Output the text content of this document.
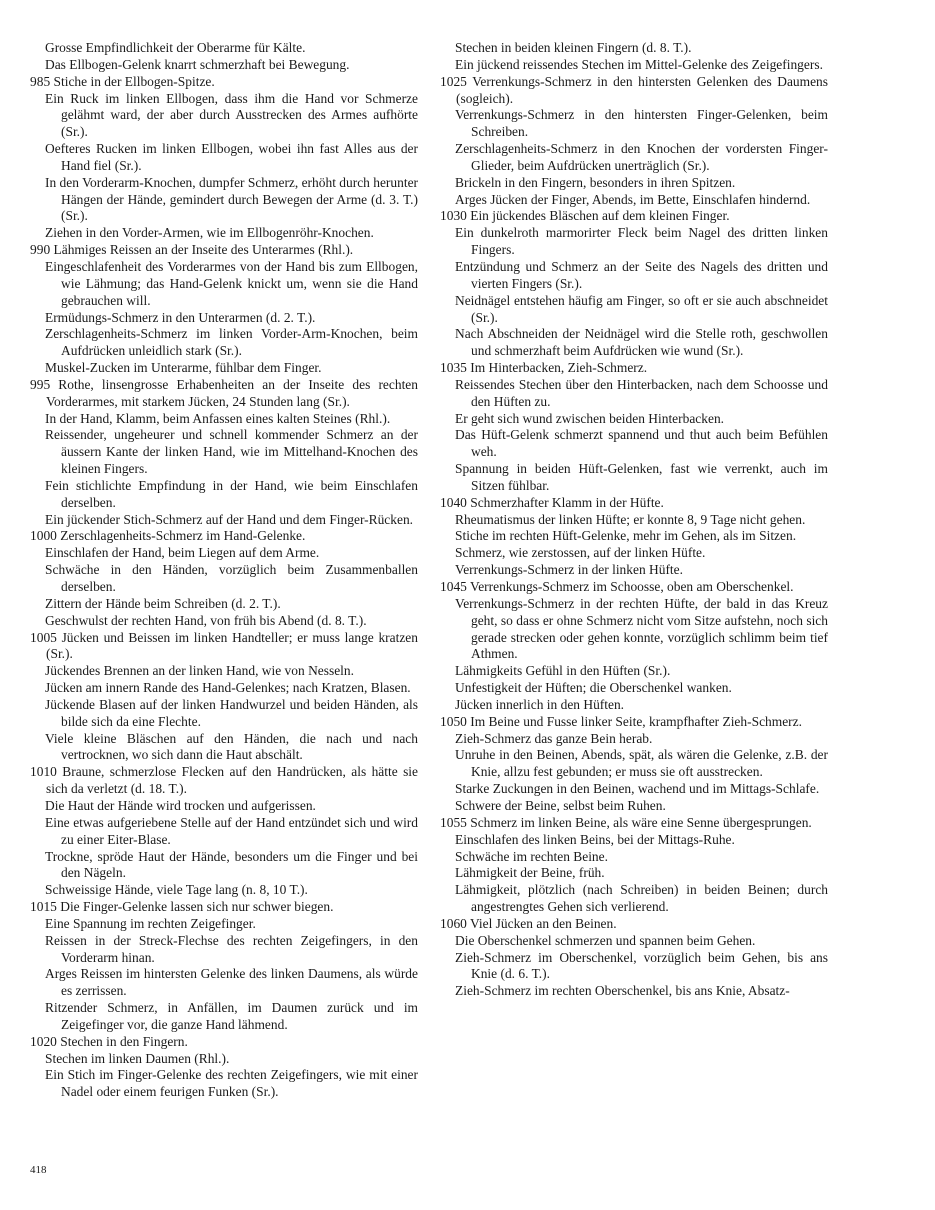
Grosse Empfindlichkeit der Oberarme für Kälte.

Das Ellbogen-Gelenk knarrt schmerzhaft bei Bewegung.

985 Stiche in der Ellbogen-Spitze.

Ein Ruck im linken Ellbogen, dass ihm die Hand vor Schmerze gelähmt ward, der aber durch Ausstrecken des Armes aufhörte (Sr.).

Oefteres Rucken im linken Ellbogen, wobei ihn fast Alles aus der Hand fiel (Sr.).

In den Vorderarm-Knochen, dumpfer Schmerz, erhöht durch herunter Hängen der Hände, gemindert durch Bewegen der Arme (d. 3. T.) (Sr.).

Ziehen in den Vorder-Armen, wie im Ellbogenröhr-Knochen.

990 Lähmiges Reissen an der Inseite des Unterarmes (Rhl.).

Eingeschlafenheit des Vorderarmes von der Hand bis zum Ellbogen, wie Lähmung; das Hand-Gelenk knickt um, wenn sie die Hand gebrauchen will.

Ermüdungs-Schmerz in den Unterarmen (d. 2. T.).

Zerschlagenheits-Schmerz im linken Vorder-Arm-Knochen, beim Aufdrücken unleidlich stark (Sr.).

Muskel-Zucken im Unterarme, fühlbar dem Finger.

995 Rothe, linsengrosse Erhabenheiten an der Inseite des rechten Vorderarmes, mit starkem Jücken, 24 Stunden lang (Sr.).

In der Hand, Klamm, beim Anfassen eines kalten Steines (Rhl.).

Reissender, ungeheurer und schnell kommender Schmerz an der äussern Kante der linken Hand, wie im Mittelhand-Knochen des kleinen Fingers.

Fein stichlichte Empfindung in der Hand, wie beim Einschlafen derselben.

Ein jückender Stich-Schmerz auf der Hand und dem Finger-Rücken.

1000 Zerschlagenheits-Schmerz im Hand-Gelenke.

Einschlafen der Hand, beim Liegen auf dem Arme.

Schwäche in den Händen, vorzüglich beim Zusammenballen derselben.

Zittern der Hände beim Schreiben (d. 2. T.).

Geschwulst der rechten Hand, von früh bis Abend (d. 8. T.).

1005 Jücken und Beissen im linken Handteller; er muss lange kratzen (Sr.).

Jückendes Brennen an der linken Hand, wie von Nesseln.

Jücken am innern Rande des Hand-Gelenkes; nach Kratzen, Blasen.

Jückende Blasen auf der linken Handwurzel und beiden Händen, als bilde sich da eine Flechte.

Viele kleine Bläschen auf den Händen, die nach und nach vertrocknen, wo sich dann die Haut abschält.

1010 Braune, schmerzlose Flecken auf den Handrücken, als hätte sie sich da verletzt (d. 18. T.).

Die Haut der Hände wird trocken und aufgerissen.

Eine etwas aufgeriebene Stelle auf der Hand entzündet sich und wird zu einer Eiter-Blase.

Trockne, spröde Haut der Hände, besonders um die Finger und bei den Nägeln.

Schweissige Hände, viele Tage lang (n. 8, 10 T.).

1015 Die Finger-Gelenke lassen sich nur schwer biegen.

Eine Spannung im rechten Zeigefinger.

Reissen in der Streck-Flechse des rechten Zeigefingers, in den Vorderarm hinan.

Arges Reissen im hintersten Gelenke des linken Daumens, als würde es zerrissen.

Ritzender Schmerz, in Anfällen, im Daumen zurück und im Zeigefinger vor, die ganze Hand lähmend.

1020 Stechen in den Fingern.

Stechen im linken Daumen (Rhl.).

Ein Stich im Finger-Gelenke des rechten Zeigefingers, wie mit einer Nadel oder einem feurigen Funken (Sr.).

Stechen in beiden kleinen Fingern (d. 8. T.).

Ein jückend reissendes Stechen im Mittel-Gelenke des Zeigefingers.

1025 Verrenkungs-Schmerz in den hintersten Gelenken des Daumens (sogleich).

Verrenkungs-Schmerz in den hintersten Finger-Gelenken, beim Schreiben.

Zerschlagenheits-Schmerz in den Knochen der vordersten Finger-Glieder, beim Aufdrücken unerträglich (Sr.).

Brickeln in den Fingern, besonders in ihren Spitzen.

Arges Jücken der Finger, Abends, im Bette, Einschlafen hindernd.

1030 Ein jückendes Bläschen auf dem kleinen Finger.

Ein dunkelroth marmorirter Fleck beim Nagel des dritten linken Fingers.

Entzündung und Schmerz an der Seite des Nagels des dritten und vierten Fingers (Sr.).

Neidnägel entstehen häufig am Finger, so oft er sie auch abschneidet (Sr.).

Nach Abschneiden der Neidnägel wird die Stelle roth, geschwollen und schmerzhaft beim Aufdrücken wie wund (Sr.).

1035 Im Hinterbacken, Zieh-Schmerz.

Reissendes Stechen über den Hinterbacken, nach dem Schoosse und den Hüften zu.

Er geht sich wund zwischen beiden Hinterbacken.

Das Hüft-Gelenk schmerzt spannend und thut auch beim Befühlen weh.

Spannung in beiden Hüft-Gelenken, fast wie verrenkt, auch im Sitzen fühlbar.

1040 Schmerzhafter Klamm in der Hüfte.

Rheumatismus der linken Hüfte; er konnte 8, 9 Tage nicht gehen.

Stiche im rechten Hüft-Gelenke, mehr im Gehen, als im Sitzen.

Schmerz, wie zerstossen, auf der linken Hüfte.

Verrenkungs-Schmerz in der linken Hüfte.

1045 Verrenkungs-Schmerz im Schoosse, oben am Oberschenkel.

Verrenkungs-Schmerz in der rechten Hüfte, der bald in das Kreuz geht, so dass er ohne Schmerz nicht vom Sitze aufstehn, noch sich gerade strecken oder gehen konnte, vorzüglich schlimm beim tief Athmen.

Lähmigkeits Gefühl in den Hüften (Sr.).

Unfestigkeit der Hüften; die Oberschenkel wanken.

Jücken innerlich in den Hüften.

1050 Im Beine und Fusse linker Seite, krampfhafter Zieh-Schmerz.

Zieh-Schmerz das ganze Bein herab.

Unruhe in den Beinen, Abends, spät, als wären die Gelenke, z.B. der Knie, allzu fest gebunden; er muss sie oft ausstrecken.

Starke Zuckungen in den Beinen, wachend und im Mittags-Schlafe.

Schwere der Beine, selbst beim Ruhen.

1055 Schmerz im linken Beine, als wäre eine Senne übergesprungen.

Einschlafen des linken Beins, bei der Mittags-Ruhe.

Schwäche im rechten Beine.

Lähmigkeit der Beine, früh.

Lähmigkeit, plötzlich (nach Schreiben) in beiden Beinen; durch angestrengtes Gehen sich verlierend.

1060 Viel Jücken an den Beinen.

Die Oberschenkel schmerzen und spannen beim Gehen.

Zieh-Schmerz im Oberschenkel, vorzüglich beim Gehen, bis ans Knie (d. 6. T.).

Zieh-Schmerz im rechten Oberschenkel, bis ans Knie, Absatz-

418
